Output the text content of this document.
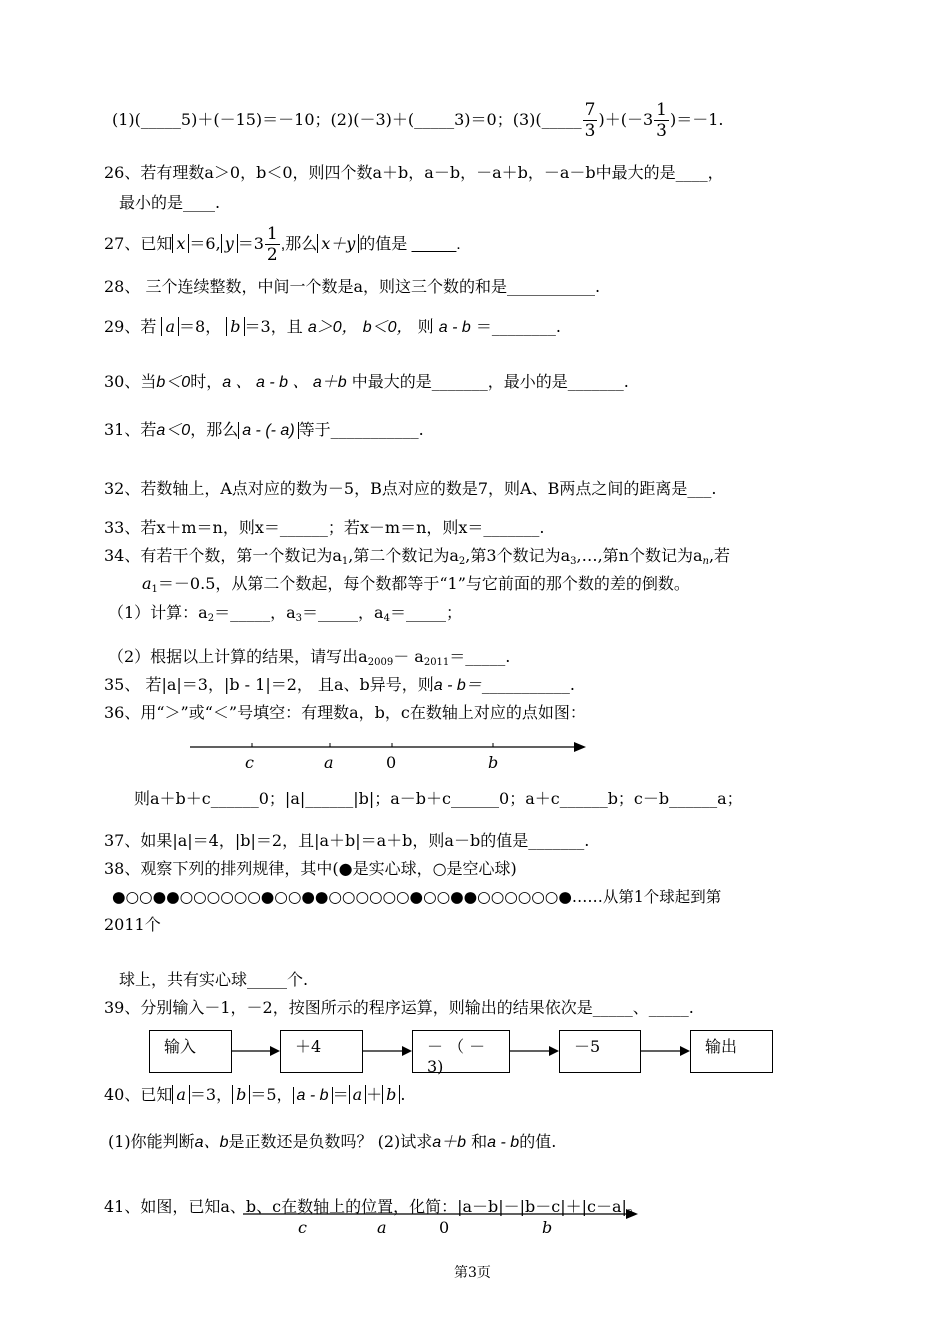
(1)(_____5)＋(－15)＝－10；(2)(－3)＋(_____3)＝0；(3)(_____ $\frac{7}{3} )+(-3 \frac{1}{3} )=-1$.
26、若有理数a＞0，b＜0，则四个数a＋b，a－b，－a＋b，－a－b中最大的是____，
最小的是____.
27、已知 x ＝6, $y =3 \frac{1}{2}$ ,那么 x＋y 的值是 _____.
28、 三个连续整数，中间一个数是a，则这三个数的和是___________.
29、若 a ＝8， b ＝3，且 a＞0， b＜0， 则 a - b ＝________.
30、当b＜0时，a 、 a - b 、 a＋b 中最大的是_______，最小的是_______.
31、若a＜0，那么 a - (- a) 等于___________.
32、若数轴上，A点对应的数为－5，B点对应的数是7，则A、B两点之间的距离是___.
33、若x＋m＝n，则x＝______；若x－m＝n，则x＝_______.
34、有若干个数，第一个数记为$a_1$,第二个数记为$a_2$,第3个数记为$a_3,\dots$,第n个数记为$a_n$,若
$a_1=-0.5$，从第二个数起，每个数都等于“1”与它前面的那个数的差的倒数。
（1）计算：$a_2=\_\_\_\_\_$，$a_3=\_\_\_\_\_$，$a_4=\_\_\_\_\_$；
（2）根据以上计算的结果，请写出$a_{2009}-$ $a_{2011}=\_\_\_\_\_$.
35、 若|a|＝3，|b - 1|＝2， 且a、b异号，则a - b＝___________.
36、用“＞”或“＜”号填空：有理数a，b，c在数轴上对应的点如图：
c	a	0	b
则a＋b＋c______0；|a|______|b|；a－b＋c______0；a＋c______b；c－b______a；
37、如果|a|＝4，|b|＝2，且|a＋b|＝a＋b，则a－b的值是_______.
38、观察下列的排列规律，其中(●是实心球，○是空心球)
●○○●●○○○○○○●○○●●○○○○○○●○○●●○○○○○○●……从第1个球起到第
2011个
球上，共有实心球_____个.
39、分别输入－1，－2，按图所示的程序运算，则输出的结果依次是_____、_____.
输入	＋4	－ （ －3)
－5	输出
40、已知 a ＝3， b ＝5， a - b ＝ a ＋ b .
(1)你能判断a、b是正数还是负数吗？ (2)试求a＋b 和a - b的值.
41、如图，已知a、b、c在数轴上的位置，化简：|a－b|－|b－c|＋|c－a|。
c	a	0	b
第3页
